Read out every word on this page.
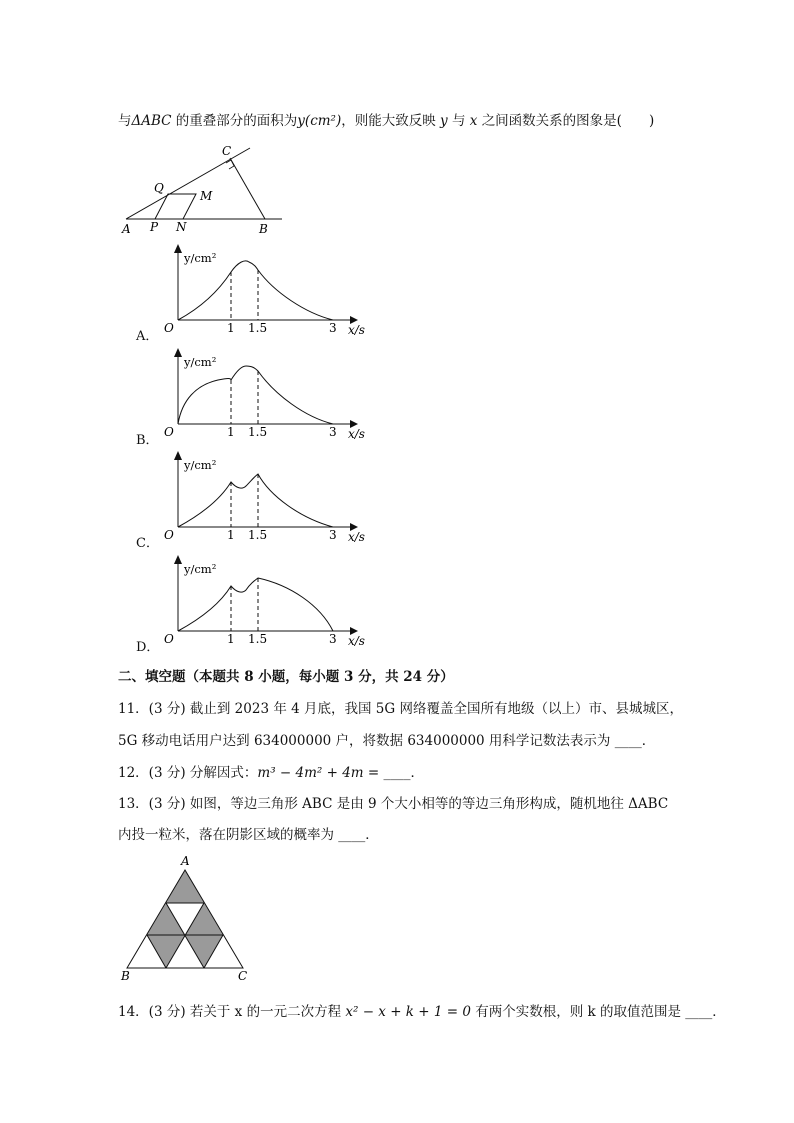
与ΔABC 的重叠部分的面积为y(cm²)，则能大致反映 y 与 x 之间函数关系的图象是(　　)
A P N	B
C
Q
M
y/cm²
O	1 1.5	3 x/s
A．
y/cm²
O	1 1.5	3 x/s
B．
y/cm²
O	1 1.5	3 x/s
C．
y/cm²
O	1 1.5	3 x/s
D．
二、填空题（本题共 8 小题，每小题 3 分，共 24 分）
11．(3 分) 截止到 2023 年 4 月底，我国 5G 网络覆盖全国所有地级（以上）市、县城城区，
5G 移动电话用户达到 634000000 户，将数据 634000000 用科学记数法表示为 ____．
12．(3 分) 分解因式：m³ − 4m² + 4m = ____．
13．(3 分) 如图，等边三角形 ABC 是由 9 个大小相等的等边三角形构成，随机地往 ΔABC
内投一粒米，落在阴影区域的概率为 ____．
A
B	C
14．(3 分) 若关于 x 的一元二次方程 x² − x + k + 1 = 0 有两个实数根，则 k 的取值范围是 ____．
